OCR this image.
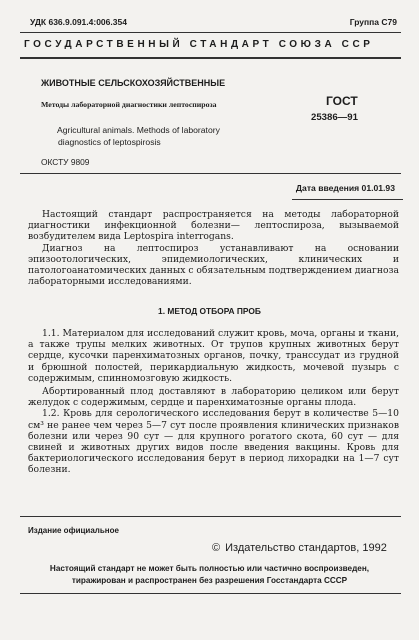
УДК 636.9.091.4:006.354	Группа С79
ГОСУДАРСТВЕННЫЙ СТАНДАРТ СОЮЗА ССР
ЖИВОТНЫЕ СЕЛЬСКОХОЗЯЙСТВЕННЫЕ
Методы лабораторной диагностики лептоспироза
Agricultural animals. Methods of laboratory
diagnostics of leptospirosis
ОКСТУ 9809
ГОСТ
25386—91
Дата введения 01.01.93

Настоящий стандарт распространяется на методы лабораторной диагностики инфекционной болезни— лептоспироза, вызываемой возбудителем вида Leptospira interrogans.

Диагноз на лептоспироз устанавливают на основании эпизоотологических, эпидемиологических, клинических и патологоанатомических данных с обязательным подтверждением диагноза лабораторными исследованиями.

1. МЕТОД ОТБОРА ПРОБ

1.1. Материалом для исследований служит кровь, моча, органы и ткани, а также трупы мелких животных. От трупов крупных животных берут сердце, кусочки паренхиматозных органов, почку, транссудат из грудной и брюшной полостей, перикардиальную жидкость, мочевой пузырь с содержимым, спинномозговую жидкость.

Абортированный плод доставляют в лабораторию целиком или берут желудок с содержимым, сердце и паренхиматозные органы плода.

1.2. Кровь для серологического исследования берут в количестве 5—10 см³ не ранее чем через 5—7 сут после проявления клинических признаков болезни или через 90 сут — для крупного рогатого скота, 60 сут — для свиней и животных других видов после введения вакцины. Кровь для бактериологического исследования берут в период лихорадки на 1—7 сут болезни.

Издание официальное
© Издательство стандартов, 1992
Настоящий стандарт не может быть полностью или частично воспроизведен,
тиражирован и распространен без разрешения Госстандарта СССР
